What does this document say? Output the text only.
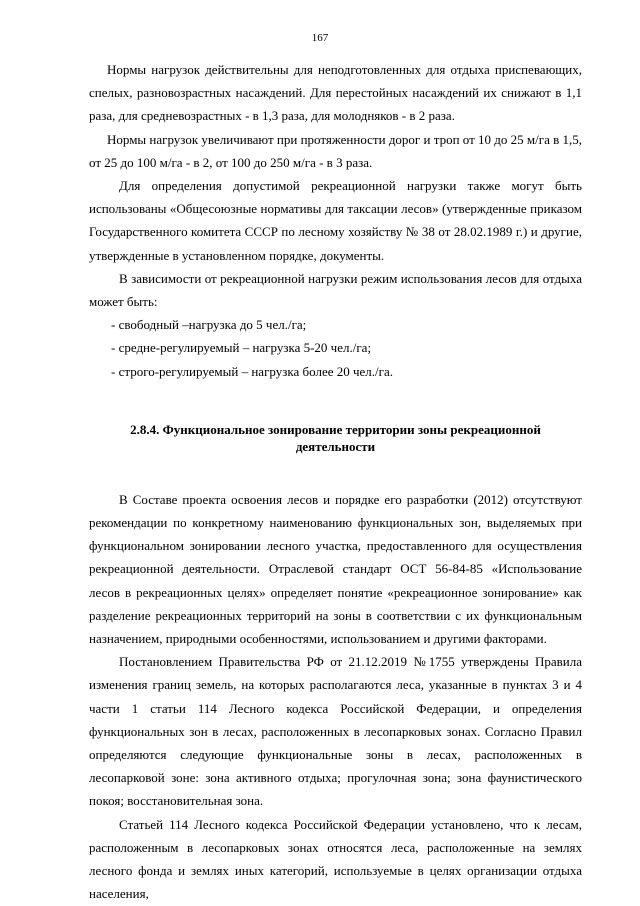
167

Нормы нагрузок действительны для неподготовленных для отдыха приспевающих, спелых, разновозрастных насаждений. Для перестойных насаждений их снижают в 1,1 раза, для средневозрастных - в 1,3 раза, для молодняков - в 2 раза.

Нормы нагрузок увеличивают при протяженности дорог и троп от 10 до 25 м/га в 1,5, от 25 до 100 м/га - в 2, от 100 до 250 м/га - в 3 раза.

Для определения допустимой рекреационной нагрузки также могут быть использованы «Общесоюзные нормативы для таксации лесов» (утвержденные приказом Государственного комитета СССР по лесному хозяйству № 38 от 28.02.1989 г.) и другие, утвержденные в установленном порядке, документы.

В зависимости от рекреационной нагрузки режим использования лесов для отдыха может быть:

- свободный –нагрузка до 5 чел./га;

- средне-регулируемый – нагрузка 5-20 чел./га;

- строго-регулируемый – нагрузка более 20 чел./га.

2.8.4. Функциональное зонирование территории зоны рекреационной
деятельности

В Составе проекта освоения лесов и порядке его разработки (2012) отсутствуют рекомендации по конкретному наименованию функциональных зон, выделяемых при функциональном зонировании лесного участка, предоставленного для осуществления рекреационной деятельности. Отраслевой стандарт ОСТ 56-84-85 «Использование лесов в рекреационных целях» определяет понятие «рекреационное зонирование» как разделение рекреационных территорий на зоны в соответствии с их функциональным назначением, природными особенностями, использованием и другими факторами.

Постановлением Правительства РФ от 21.12.2019 №1755 утверждены Правила изменения границ земель, на которых располагаются леса, указанные в пунктах 3 и 4 части 1 статьи 114 Лесного кодекса Российской Федерации, и определения функциональных зон в лесах, расположенных в лесопарковых зонах. Согласно Правил определяются следующие функциональные зоны в лесах, расположенных в лесопарковой зоне: зона активного отдыха; прогулочная зона; зона фаунистического покоя; восстановительная зона.

Статьей 114 Лесного кодекса Российской Федерации установлено, что к лесам, расположенным в лесопарковых зонах относятся леса, расположенные на землях лесного фонда и землях иных категорий, используемые в целях организации отдыха населения,
